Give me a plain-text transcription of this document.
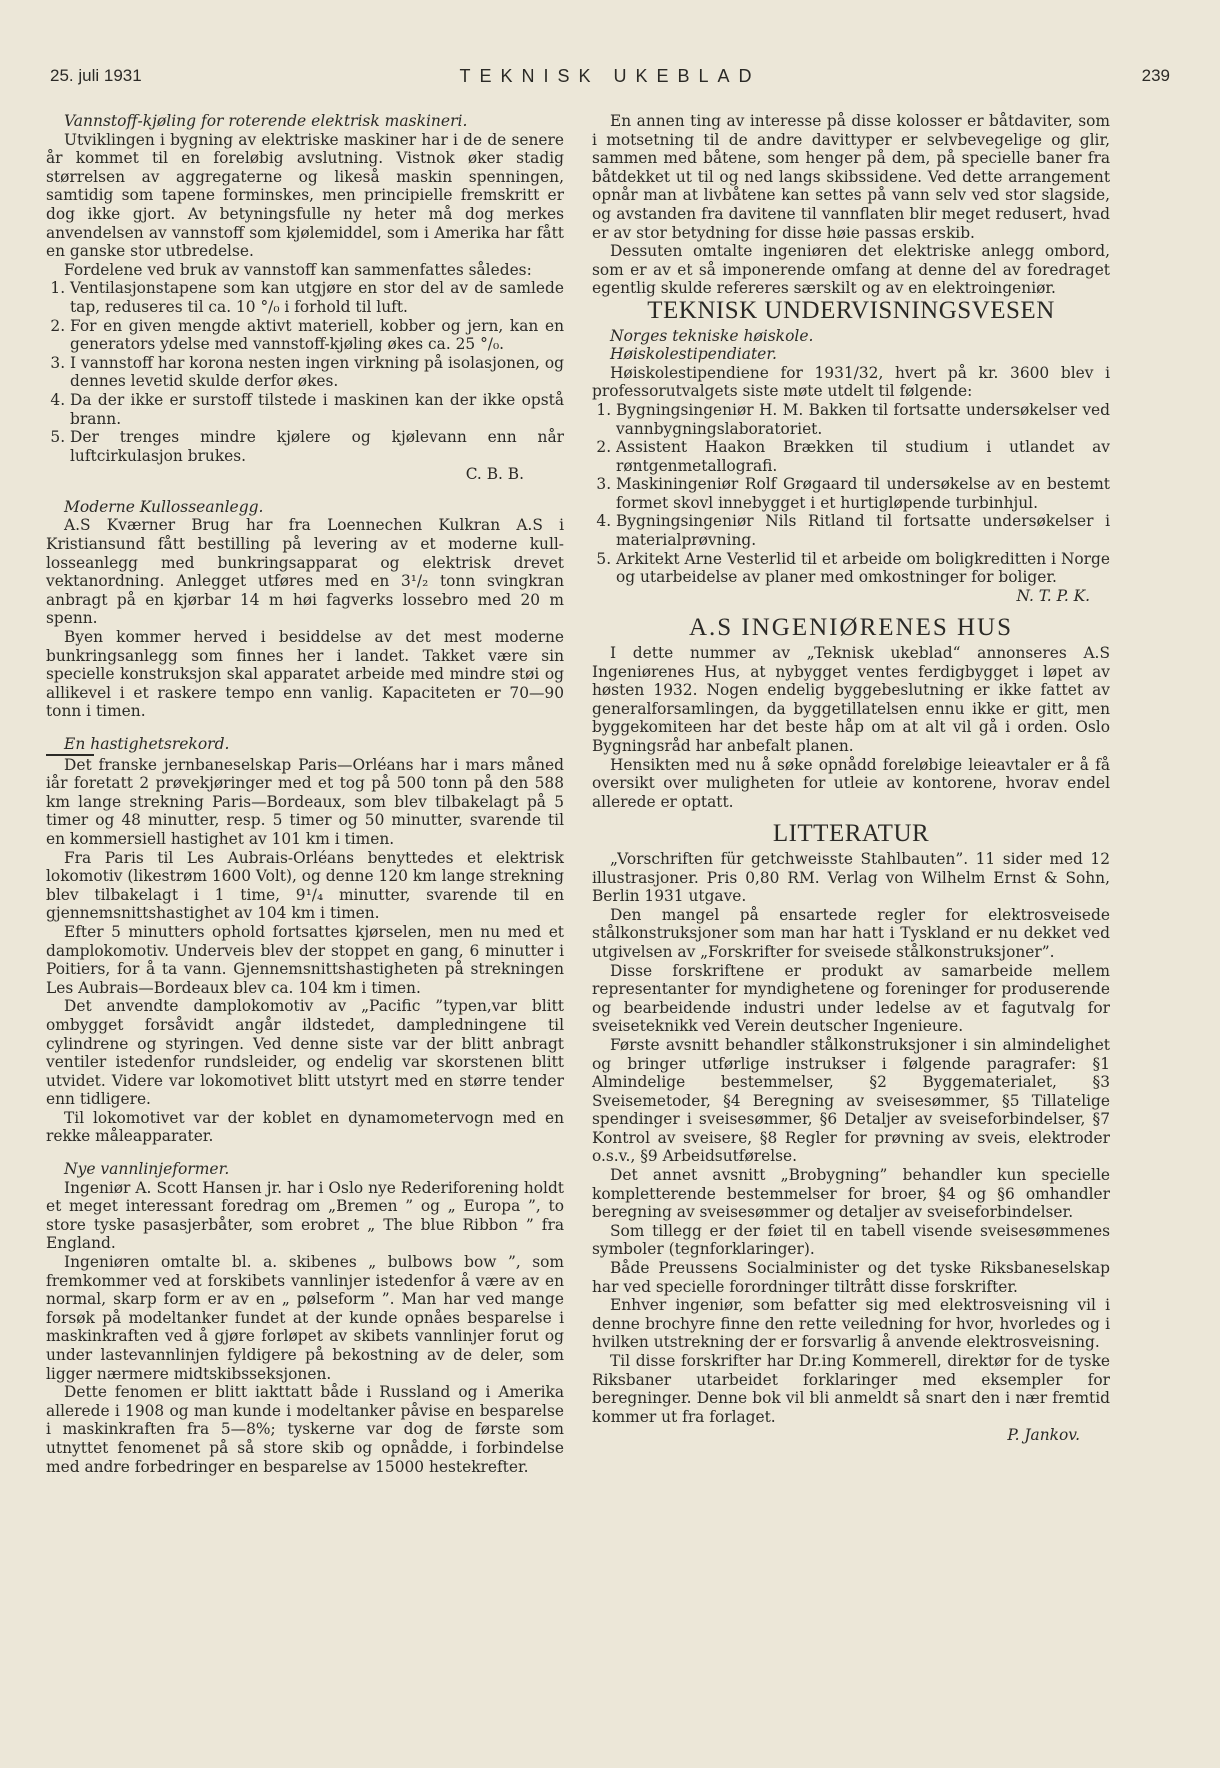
25. juli 1931	TEKNISK UKEBLAD	239

Vannstoff-kjøling for roterende elektrisk maskineri.

Utviklingen i bygning av elektriske maskiner har i de de senere år kommet til en foreløbig avslutning. Vistnok øker stadig størrelsen av aggregaterne og likeså maskin spenningen, samtidig som tapene forminskes, men principielle fremskritt er dog ikke gjort. Av betyningsfulle ny heter må dog merkes anvendelsen av vannstoff som kjølemiddel, som i Amerika har fått en ganske stor utbredelse.

Fordelene ved bruk av vannstoff kan sammenfattes således:

1. Ventilasjonstapene som kan utgjøre en stor del av de samlede tap, reduseres til ca. 10 °/₀ i forhold til luft.
2. For en given mengde aktivt materiell, kobber og jern, kan en generators ydelse med vannstoff-kjøling økes ca. 25 °/₀.
3. I vannstoff har korona nesten ingen virkning på isolasjonen, og dennes levetid skulde derfor økes.
4. Da der ikke er surstoff tilstede i maskinen kan der ikke opstå brann.
5. Der trenges mindre kjølere og kjølevann enn når luftcirkulasjon brukes.
C. B. B.

Moderne Kullosseanlegg.

A.S Kværner Brug har fra Loennechen Kulkran A.S i Kristiansund fått bestilling på levering av et moderne kull-losseanlegg med bunkringsapparat og elektrisk drevet vektanordning. Anlegget utføres med en 3¹/₂ tonn svingkran anbragt på en kjørbar 14 m høi fagverks lossebro med 20 m spenn.

Byen kommer herved i besiddelse av det mest moderne bunkringsanlegg som finnes her i landet. Takket være sin specielle konstruksjon skal apparatet arbeide med mindre støi og allikevel i et raskere tempo enn vanlig. Kapaciteten er 70—90 tonn i timen.

En hastighetsrekord.

Det franske jernbaneselskap Paris—Orléans har i mars måned iår foretatt 2 prøvekjøringer med et tog på 500 tonn på den 588 km lange strekning Paris—Bordeaux, som blev tilbakelagt på 5 timer og 48 minutter, resp. 5 timer og 50 minutter, svarende til en kommersiell hastighet av 101 km i timen.

Fra Paris til Les Aubrais-Orléans benyttedes et elektrisk lokomotiv (likestrøm 1600 Volt), og denne 120 km lange strekning blev tilbakelagt i 1 time, 9¹/₄ minutter, svarende til en gjennemsnittshastighet av 104 km i timen.

Efter 5 minutters ophold fortsattes kjørselen, men nu med et damplokomotiv. Underveis blev der stoppet en gang, 6 minutter i Poitiers, for å ta vann. Gjennemsnittshastigheten på strekningen Les Aubrais—Bordeaux blev ca. 104 km i timen.

Det anvendte damplokomotiv av „Pacific ”typen,var blitt ombygget forsåvidt angår ildstedet, dampledningene til cylindrene og styringen. Ved denne siste var der blitt anbragt ventiler istedenfor rundsleider, og endelig var skorstenen blitt utvidet. Videre var lokomotivet blitt utstyrt med en større tender enn tidligere.

Til lokomotivet var der koblet en dynamometervogn med en rekke måleapparater.

Nye vannlinjeformer.

Ingeniør A. Scott Hansen jr. har i Oslo nye Rederiforening holdt et meget interessant foredrag om „Bremen ” og „ Europa ”, to store tyske pasasjerbåter, som erobret „ The blue Ribbon ” fra England.

Ingeniøren omtalte bl. a. skibenes „ bulbows bow ”, som fremkommer ved at forskibets vannlinjer istedenfor å være av en normal, skarp form er av en „ pølseform ”. Man har ved mange forsøk på modeltanker fundet at der kunde opnåes besparelse i maskinkraften ved å gjøre forløpet av skibets vannlinjer forut og under lastevannlinjen fyldigere på bekostning av de deler, som ligger nærmere midtskibsseksjonen.

Dette fenomen er blitt iakttatt både i Russland og i Amerika allerede i 1908 og man kunde i modeltanker påvise en besparelse i maskinkraften fra 5—8%; tyskerne var dog de første som utnyttet fenomenet på så store skib og opnådde, i forbindelse med andre forbedringer en besparelse av 15000 hestekrefter.

En annen ting av interesse på disse kolosser er båtdaviter, som i motsetning til de andre davittyper er selvbevegelige og glir, sammen med båtene, som henger på dem, på specielle baner fra båtdekket ut til og ned langs skibssidene. Ved dette arrangement opnår man at livbåtene kan settes på vann selv ved stor slagside, og avstanden fra davitene til vannflaten blir meget redusert, hvad er av stor betydning for disse høie passas erskib.

Dessuten omtalte ingeniøren det elektriske anlegg ombord, som er av et så imponerende omfang at denne del av foredraget egentlig skulde refereres særskilt og av en elektroingeniør.

TEKNISK UNDERVISNINGSVESEN

Norges tekniske høiskole.

Høiskolestipendiater.

Høiskolestipendiene for 1931/32, hvert på kr. 3600 blev i professorutvalgets siste møte utdelt til følgende:

1. Bygningsingeniør H. M. Bakken til fortsatte undersøkelser ved vannbygningslaboratoriet.
2. Assistent Haakon Brækken til studium i utlandet av røntgenmetallografi.
3. Maskiningeniør Rolf Grøgaard til undersøkelse av en bestemt formet skovl innebygget i et hurtigløpende turbinhjul.
4. Bygningsingeniør Nils Ritland til fortsatte undersøkelser i materialprøvning.
5. Arkitekt Arne Vesterlid til et arbeide om boligkreditten i Norge og utarbeidelse av planer med omkostninger for boliger.
N. T. P. K.
A.S INGENIØRENES HUS

I dette nummer av „Teknisk ukeblad“ annonseres A.S Ingeniørenes Hus, at nybygget ventes ferdigbygget i løpet av høsten 1932. Nogen endelig byggebeslutning er ikke fattet av generalforsamlingen, da byggetillatelsen ennu ikke er gitt, men byggekomiteen har det beste håp om at alt vil gå i orden. Oslo Bygningsråd har anbefalt planen.

Hensikten med nu å søke opnådd foreløbige leieavtaler er å få oversikt over muligheten for utleie av kontorene, hvorav endel allerede er optatt.

LITTERATUR

„Vorschriften für getchweisste Stahlbauten”. 11 sider med 12 illustrasjoner. Pris 0,80 RM. Verlag von Wilhelm Ernst & Sohn, Berlin 1931 utgave.

Den mangel på ensartede regler for elektrosveisede stålkonstruksjoner som man har hatt i Tyskland er nu dekket ved utgivelsen av „Forskrifter for sveisede stålkonstruksjoner”.

Disse forskriftene er produkt av samarbeide mellem representanter for myndighetene og foreninger for produserende og bearbeidende industri under ledelse av et fagutvalg for sveiseteknikk ved Verein deutscher Ingenieure.

Første avsnitt behandler stålkonstruksjoner i sin almindelighet og bringer utførlige instrukser i følgende paragrafer: §1 Almindelige bestemmelser, §2 Byggematerialet, §3 Sveisemetoder, §4 Beregning av sveisesømmer, §5 Tillatelige spendinger i sveisesømmer, §6 Detaljer av sveiseforbindelser, §7 Kontrol av sveisere, §8 Regler for prøvning av sveis, elektroder o.s.v., §9 Arbeidsutførelse.

Det annet avsnitt „Brobygning” behandler kun specielle kompletterende bestemmelser for broer, §4 og §6 omhandler beregning av sveisesømmer og detaljer av sveiseforbindelser.

Som tillegg er der føiet til en tabell visende sveisesømmenes symboler (tegnforklaringer).

Både Preussens Socialminister og det tyske Riksbaneselskap har ved specielle forordninger tiltrått disse forskrifter.

Enhver ingeniør, som befatter sig med elektrosveisning vil i denne brochyre finne den rette veiledning for hvor, hvorledes og i hvilken utstrekning der er forsvarlig å anvende elektrosveisning.

Til disse forskrifter har Dr.ing Kommerell, direktør for de tyske Riksbaner utarbeidet forklaringer med eksempler for beregninger. Denne bok vil bli anmeldt så snart den i nær fremtid kommer ut fra forlaget.

P. Jankov.
